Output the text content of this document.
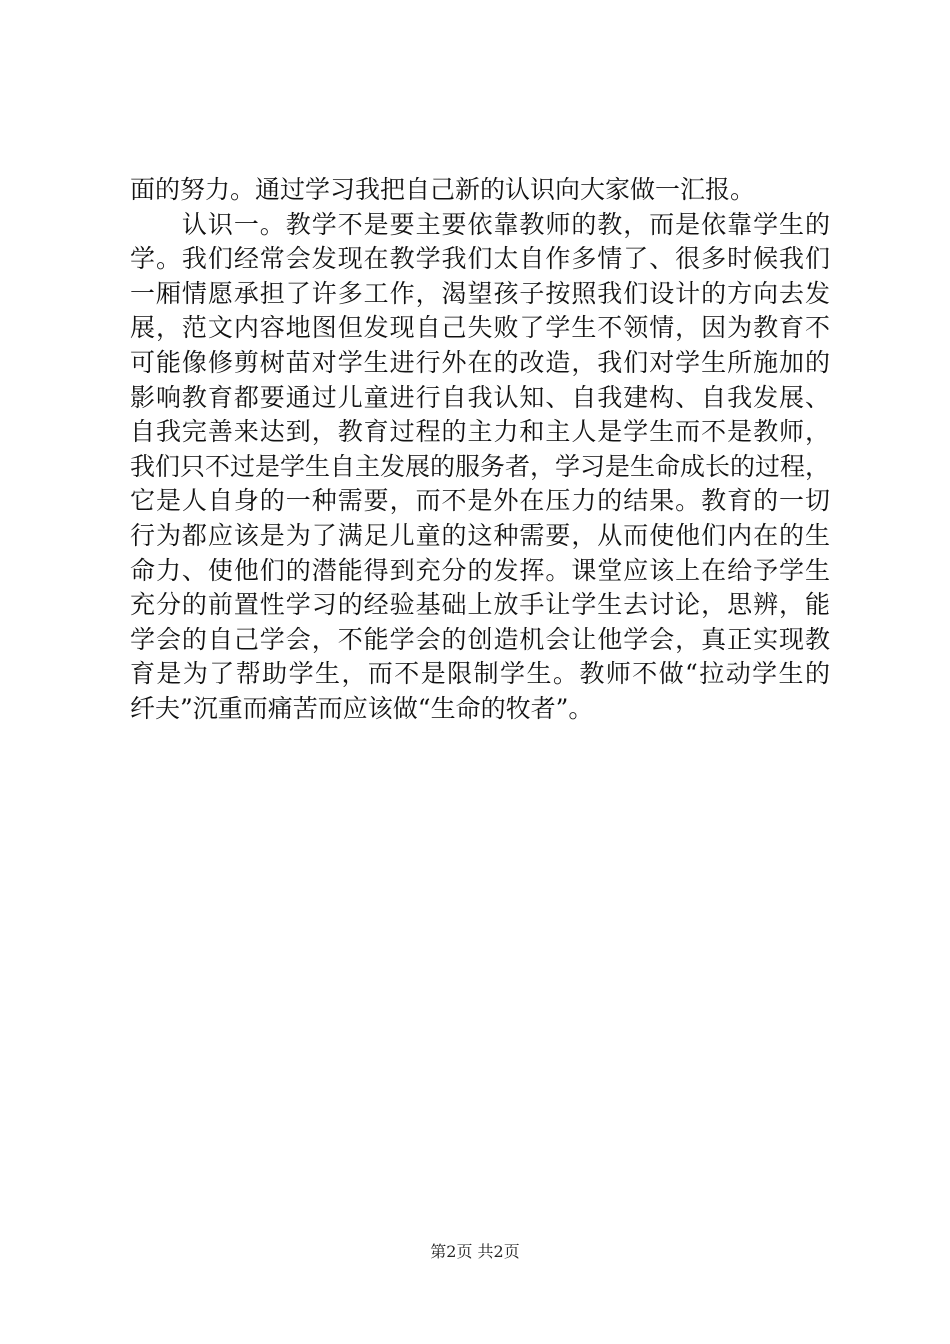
面的努力。通过学习我把自己新的认识向大家做一汇报。
　　认识一。教学不是要主要依靠教师的教，而是依靠学生的
学。我们经常会发现在教学我们太自作多情了、很多时候我们
一厢情愿承担了许多工作，渴望孩子按照我们设计的方向去发
展，范文内容地图但发现自己失败了学生不领情，因为教育不
可能像修剪树苗对学生进行外在的改造，我们对学生所施加的
影响教育都要通过儿童进行自我认知、自我建构、自我发展、
自我完善来达到，教育过程的主力和主人是学生而不是教师，
我们只不过是学生自主发展的服务者，学习是生命成长的过程，
它是人自身的一种需要，而不是外在压力的结果。教育的一切
行为都应该是为了满足儿童的这种需要，从而使他们内在的生
命力、使他们的潜能得到充分的发挥。课堂应该上在给予学生
充分的前置性学习的经验基础上放手让学生去讨论，思辨，能
学会的自己学会，不能学会的创造机会让他学会，真正实现教
育是为了帮助学生，而不是限制学生。教师不做“拉动学生的
纤夫”沉重而痛苦而应该做“生命的牧者”。
第2页 共2页
